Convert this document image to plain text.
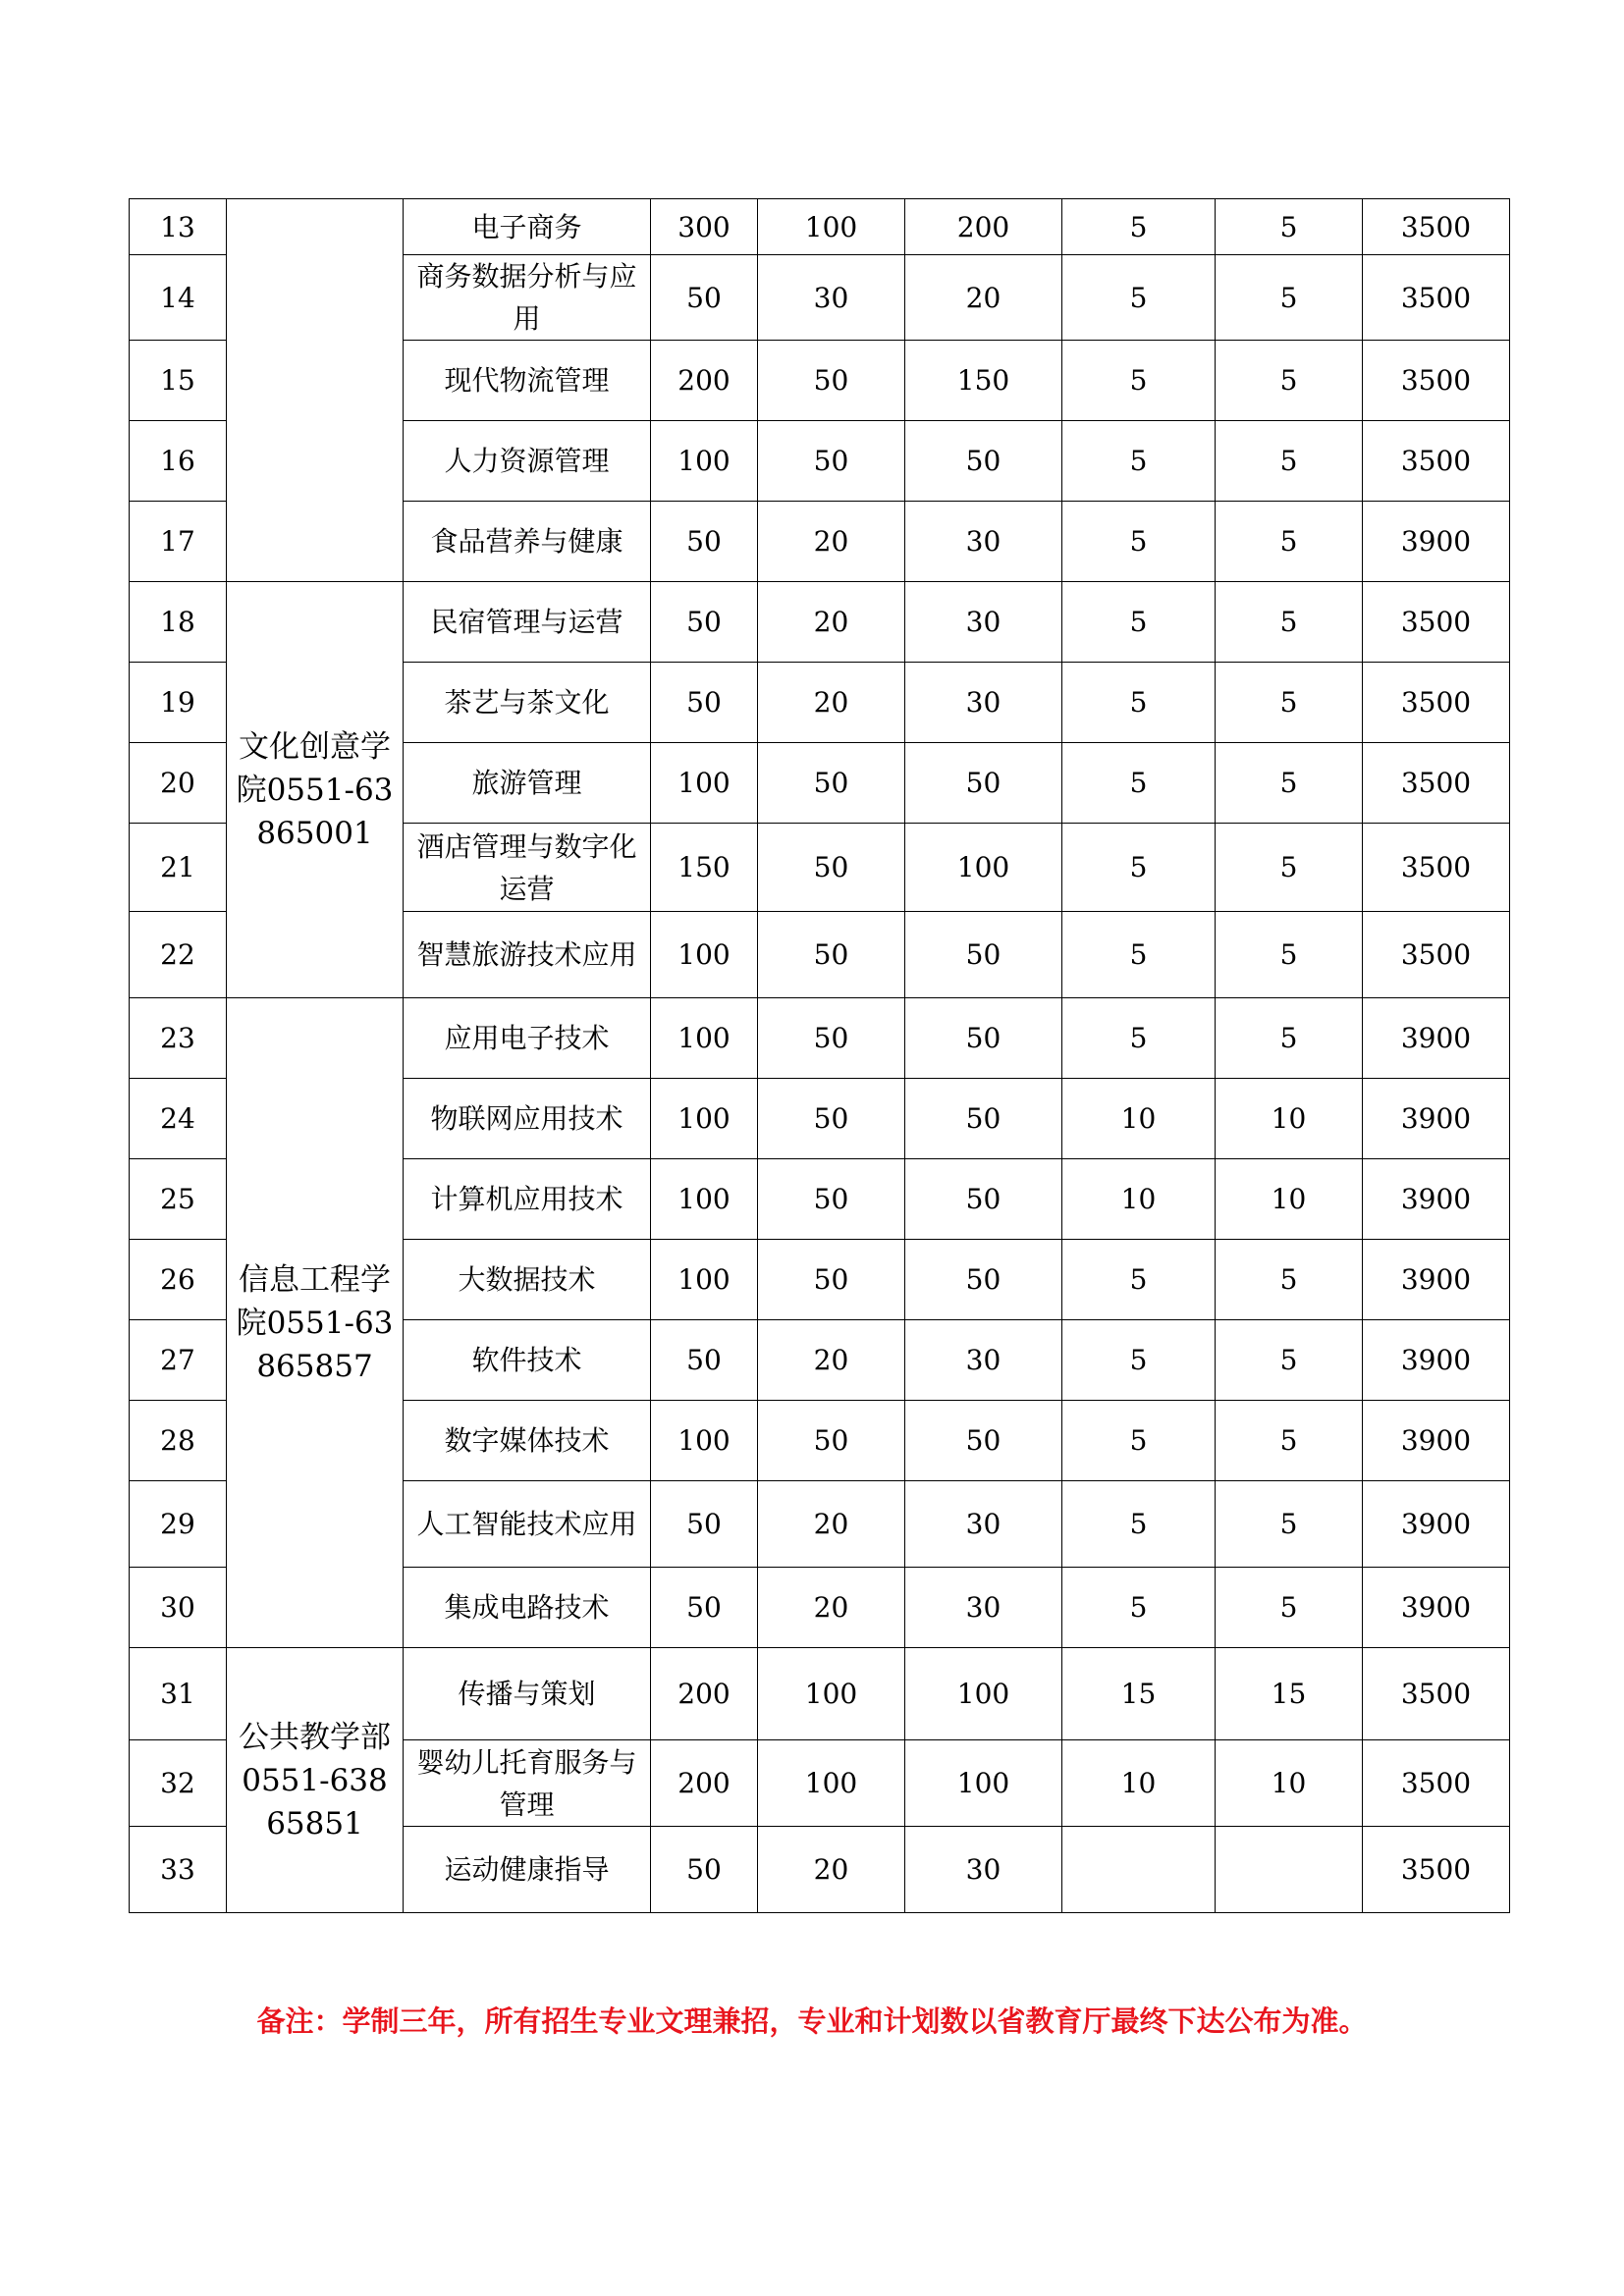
13		电子商务	300	100	200	5	5	3500
14		商务数据分析与应用	50	30	20	5	5	3500
15		现代物流管理	200	50	150	5	5	3500
16		人力资源管理	100	50	50	5	5	3500
17		食品营养与健康	50	20	30	5	5	3900
18	文化创意学院0551-63865001	民宿管理与运营	50	20	30	5	5	3500
19		茶艺与茶文化	50	20	30	5	5	3500
20		旅游管理	100	50	50	5	5	3500
21		酒店管理与数字化运营	150	50	100	5	5	3500
22		智慧旅游技术应用	100	50	50	5	5	3500
23	信息工程学院0551-63865857	应用电子技术	100	50	50	5	5	3900
24		物联网应用技术	100	50	50	10	10	3900
25		计算机应用技术	100	50	50	10	10	3900
26		大数据技术	100	50	50	5	5	3900
27		软件技术	50	20	30	5	5	3900
28		数字媒体技术	100	50	50	5	5	3900
29		人工智能技术应用	50	20	30	5	5	3900
30		集成电路技术	50	20	30	5	5	3900
31	公共教学部0551-63865851	传播与策划	200	100	100	15	15	3500
32		婴幼儿托育服务与管理	200	100	100	10	10	3500
33		运动健康指导	50	20	30			3500
备注：学制三年，所有招生专业文理兼招，专业和计划数以省教育厅最终下达公布为准。
